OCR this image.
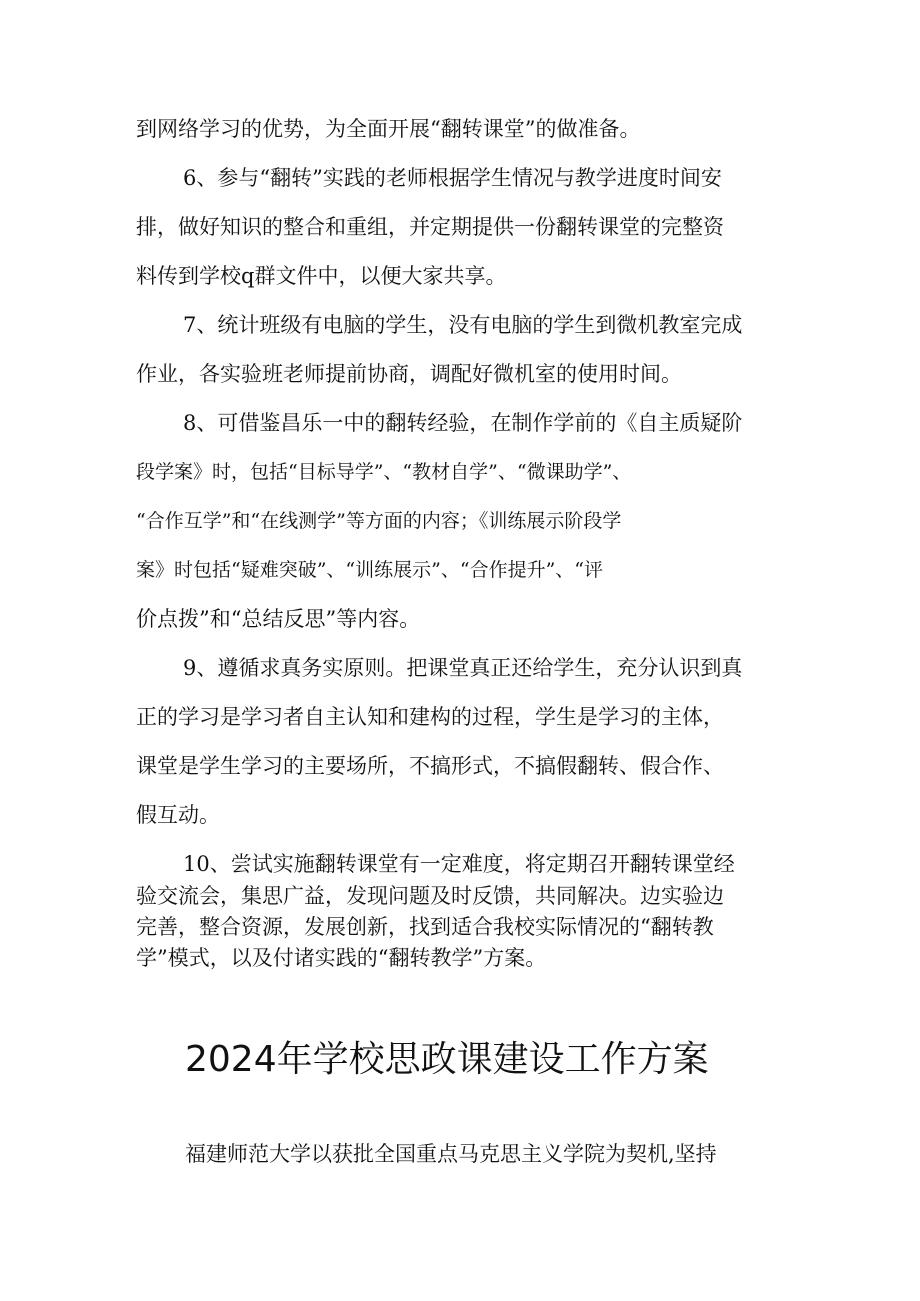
到网络学习的优势，为全面开展“翻转课堂”的做准备。
6、参与“翻转”实践的老师根据学生情况与教学进度时间安
排，做好知识的整合和重组，并定期提供一份翻转课堂的完整资
料传到学校q群文件中，以便大家共享。
7、统计班级有电脑的学生，没有电脑的学生到微机教室完成
作业，各实验班老师提前协商，调配好微机室的使用时间。
8、可借鉴昌乐一中的翻转经验，在制作学前的《自主质疑阶
段学案》时，包括“目标导学”、“教材自学”、“微课助学”、
“合作互学”和“在线测学”等方面的内容；《训练展示阶段学
案》时包括“疑难突破”、“训练展示”、“合作提升”、“评
价点拨”和“总结反思”等内容。
9、遵循求真务实原则。把课堂真正还给学生，充分认识到真
正的学习是学习者自主认知和建构的过程，学生是学习的主体，
课堂是学生学习的主要场所，不搞形式，不搞假翻转、假合作、
假互动。
10、尝试实施翻转课堂有一定难度，将定期召开翻转课堂经
验交流会，集思广益，发现问题及时反馈，共同解决。边实验边
完善，整合资源，发展创新，找到适合我校实际情况的“翻转教
学”模式，以及付诸实践的“翻转教学”方案。
2024年学校思政课建设工作方案
福建师范大学以获批全国重点马克思主义学院为契机,坚持
